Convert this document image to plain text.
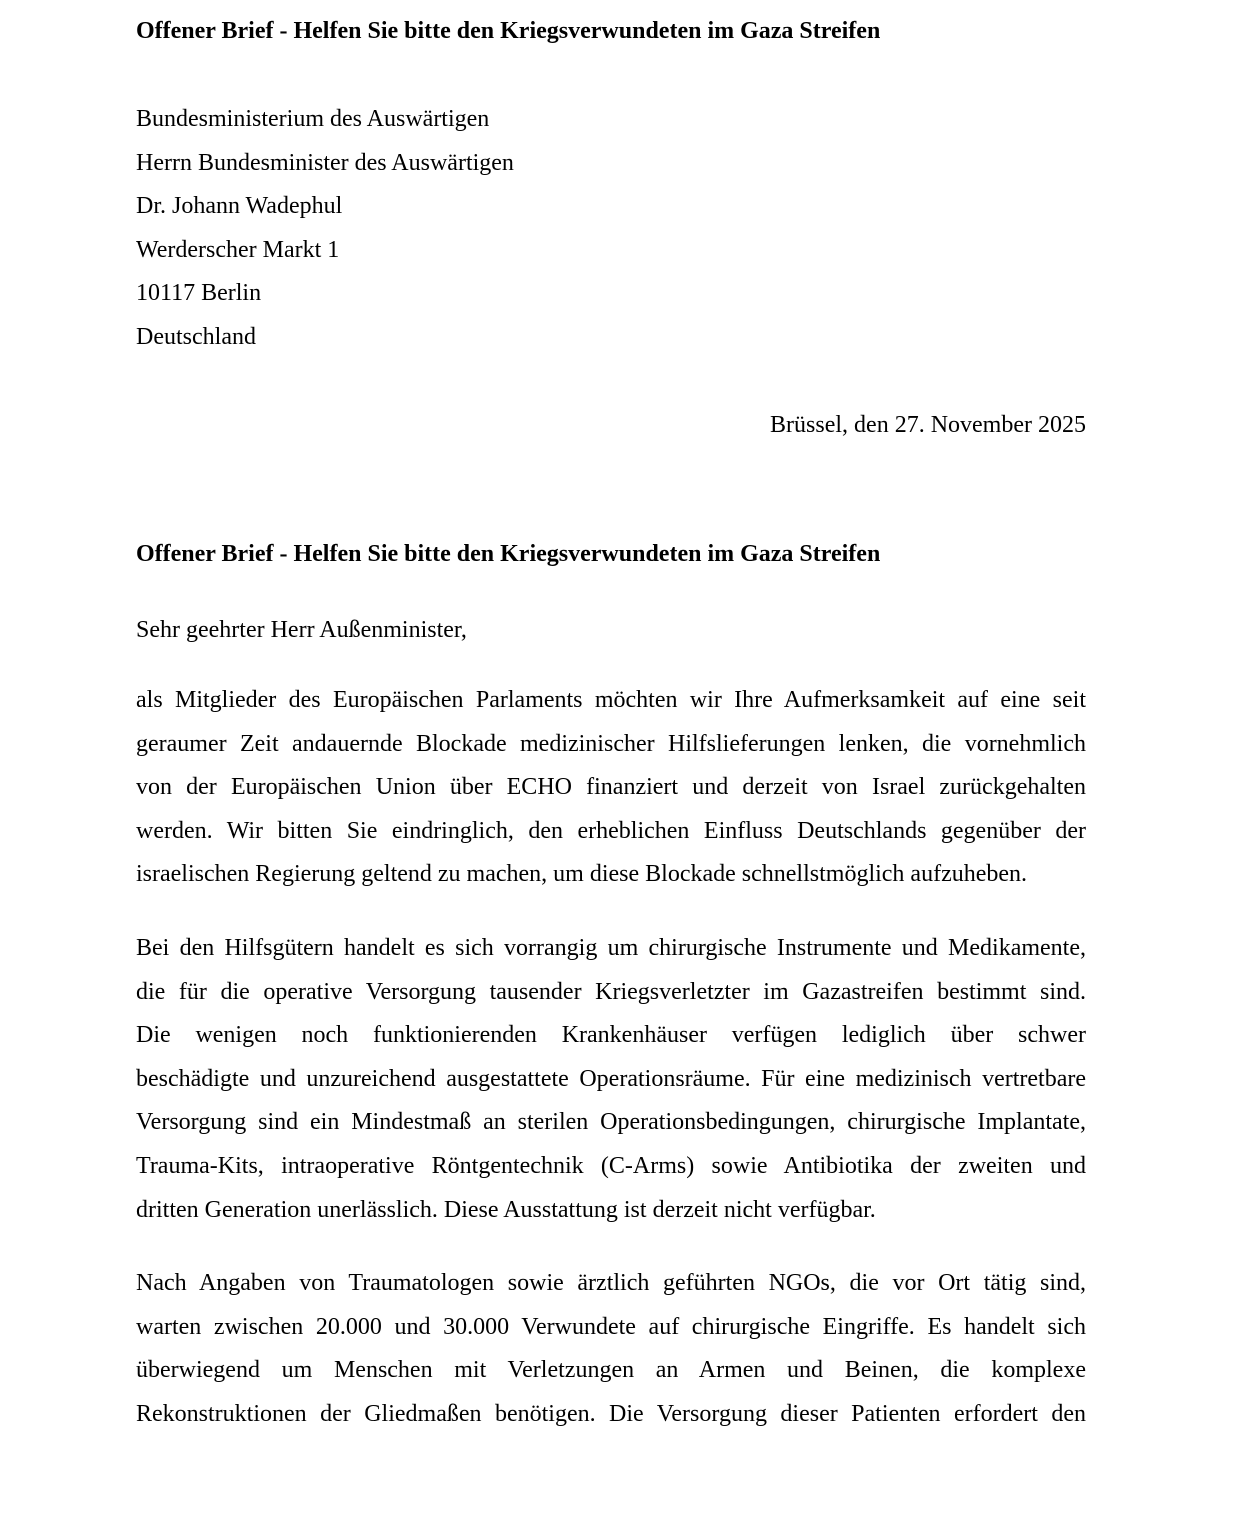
Offener Brief - Helfen Sie bitte den Kriegsverwundeten im Gaza Streifen
Bundesministerium des Auswärtigen
Herrn Bundesminister des Auswärtigen
Dr. Johann Wadephul
Werderscher Markt 1
10117 Berlin
Deutschland
Brüssel, den 27. November 2025
Offener Brief - Helfen Sie bitte den Kriegsverwundeten im Gaza Streifen
Sehr geehrter Herr Außenminister,

als Mitglieder des Europäischen Parlaments möchten wir Ihre Aufmerksamkeit auf eine seit
geraumer Zeit andauernde Blockade medizinischer Hilfslieferungen lenken, die vornehmlich
von der Europäischen Union über ECHO finanziert und derzeit von Israel zurückgehalten
werden. Wir bitten Sie eindringlich, den erheblichen Einfluss Deutschlands gegenüber der
israelischen Regierung geltend zu machen, um diese Blockade schnellstmöglich aufzuheben.

Bei den Hilfsgütern handelt es sich vorrangig um chirurgische Instrumente und Medikamente,
die für die operative Versorgung tausender Kriegsverletzter im Gazastreifen bestimmt sind.
Die wenigen noch funktionierenden Krankenhäuser verfügen lediglich über schwer
beschädigte und unzureichend ausgestattete Operationsräume. Für eine medizinisch vertretbare
Versorgung sind ein Mindestmaß an sterilen Operationsbedingungen, chirurgische Implantate,
Trauma-Kits, intraoperative Röntgentechnik (C-Arms) sowie Antibiotika der zweiten und
dritten Generation unerlässlich. Diese Ausstattung ist derzeit nicht verfügbar.

Nach Angaben von Traumatologen sowie ärztlich geführten NGOs, die vor Ort tätig sind,
warten zwischen 20.000 und 30.000 Verwundete auf chirurgische Eingriffe. Es handelt sich
überwiegend um Menschen mit Verletzungen an Armen und Beinen, die komplexe
Rekonstruktionen der Gliedmaßen benötigen. Die Versorgung dieser Patienten erfordert den
